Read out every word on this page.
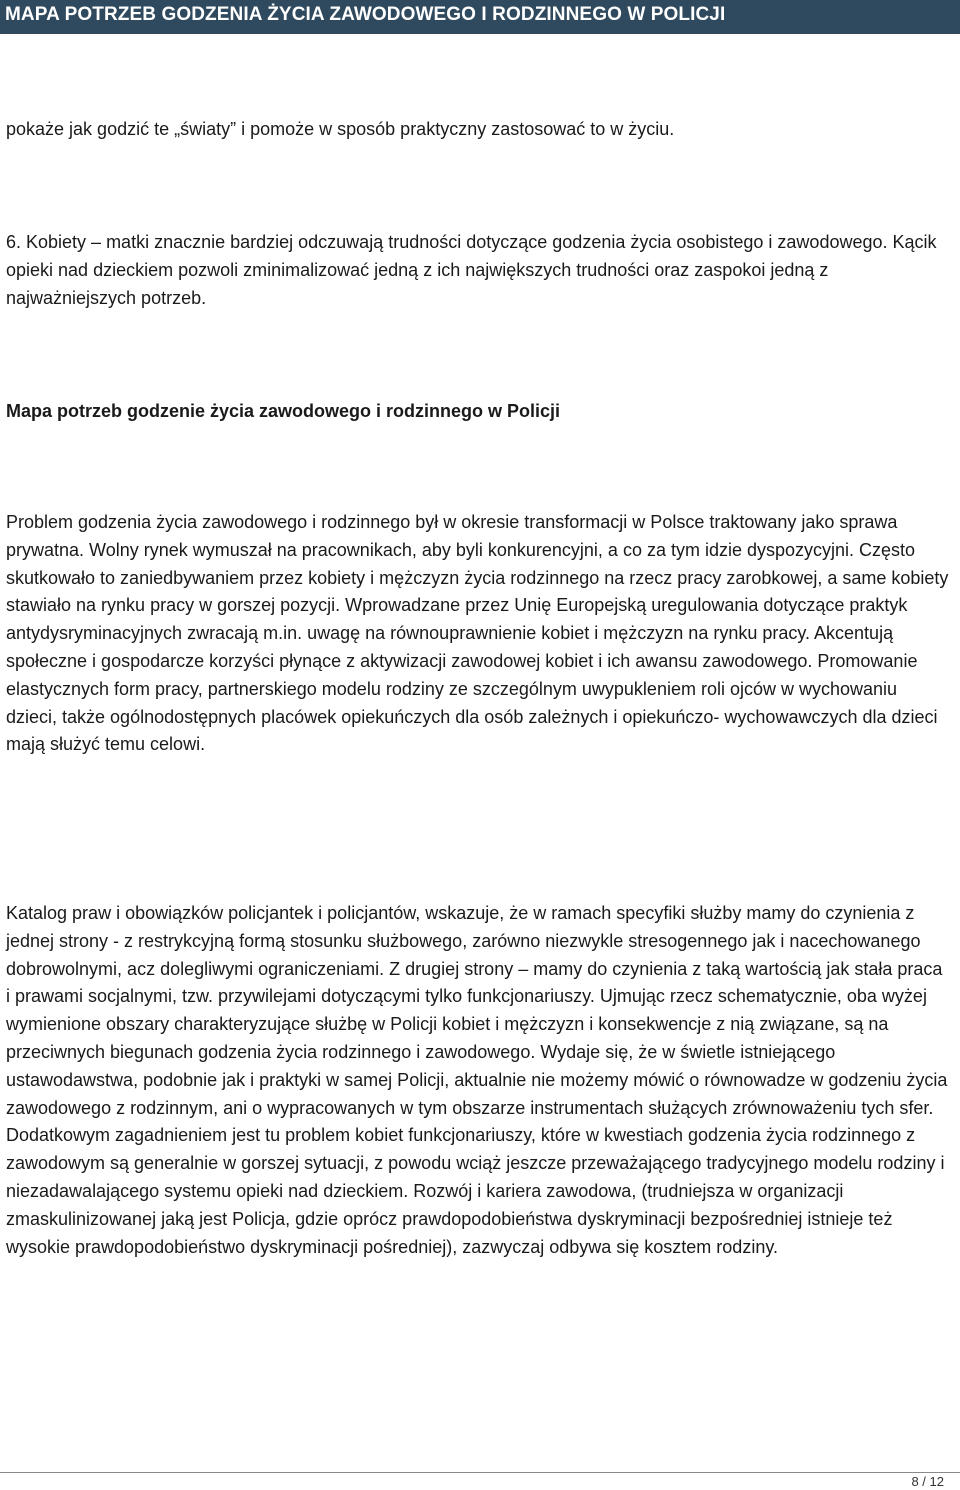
MAPA POTRZEB GODZENIA ŻYCIA ZAWODOWEGO I RODZINNEGO W POLICJI

pokaże jak godzić te „światy” i pomoże w sposób praktyczny zastosować to w życiu.

6. Kobiety – matki znacznie bardziej odczuwają trudności dotyczące godzenia życia osobistego i zawodowego. Kącik opieki nad dzieckiem pozwoli zminimalizować jedną z ich największych trudności oraz zaspokoi jedną z najważniejszych potrzeb.

Mapa potrzeb godzenie życia zawodowego i rodzinnego w Policji

Problem godzenia życia zawodowego i rodzinnego był w okresie transformacji w Polsce traktowany jako sprawa prywatna. Wolny rynek wymuszał na pracownikach, aby byli konkurencyjni, a co za tym idzie dyspozycyjni. Często skutkowało to zaniedbywaniem przez kobiety i mężczyzn życia rodzinnego na rzecz pracy zarobkowej, a same kobiety stawiało na rynku pracy w gorszej pozycji. Wprowadzane przez Unię Europejską uregulowania dotyczące praktyk antydysryminacyjnych zwracają m.in. uwagę na równouprawnienie kobiet i mężczyzn na rynku pracy. Akcentują społeczne i gospodarcze korzyści płynące z aktywizacji zawodowej kobiet i ich awansu zawodowego. Promowanie elastycznych form pracy, partnerskiego modelu rodziny ze szczególnym uwypukleniem roli ojców w wychowaniu dzieci, także ogólnodostępnych placówek opiekuńczych dla osób zależnych i opiekuńczo- wychowawczych dla dzieci mają służyć temu celowi.

Katalog praw i obowiązków policjantek i policjantów, wskazuje, że w ramach specyfiki służby mamy do czynienia z jednej strony - z restrykcyjną formą stosunku służbowego, zarówno niezwykle stresogennego jak i nacechowanego dobrowolnymi, acz dolegliwymi ograniczeniami. Z drugiej strony – mamy do czynienia z taką wartością jak stała praca i prawami socjalnymi, tzw. przywilejami dotyczącymi tylko funkcjonariuszy. Ujmując rzecz schematycznie, oba wyżej wymienione obszary charakteryzujące służbę w Policji kobiet i mężczyzn i konsekwencje z nią związane, są na przeciwnych biegunach godzenia życia rodzinnego i zawodowego. Wydaje się, że w świetle istniejącego ustawodawstwa, podobnie jak i praktyki w samej Policji, aktualnie nie możemy mówić o równowadze w godzeniu życia zawodowego z rodzinnym, ani o wypracowanych w tym obszarze instrumentach służących zrównoważeniu tych sfer. Dodatkowym zagadnieniem jest tu problem kobiet funkcjonariuszy, które w kwestiach godzenia życia rodzinnego z zawodowym są generalnie w gorszej sytuacji, z powodu wciąż jeszcze przeważającego tradycyjnego modelu rodziny i niezadawalającego systemu opieki nad dzieckiem. Rozwój i kariera zawodowa, (trudniejsza w organizacji zmaskulinizowanej jaką jest Policja, gdzie oprócz prawdopodobieństwa dyskryminacji bezpośredniej istnieje też wysokie prawdopodobieństwo dyskryminacji pośredniej), zazwyczaj odbywa się kosztem rodziny.

8 / 12
